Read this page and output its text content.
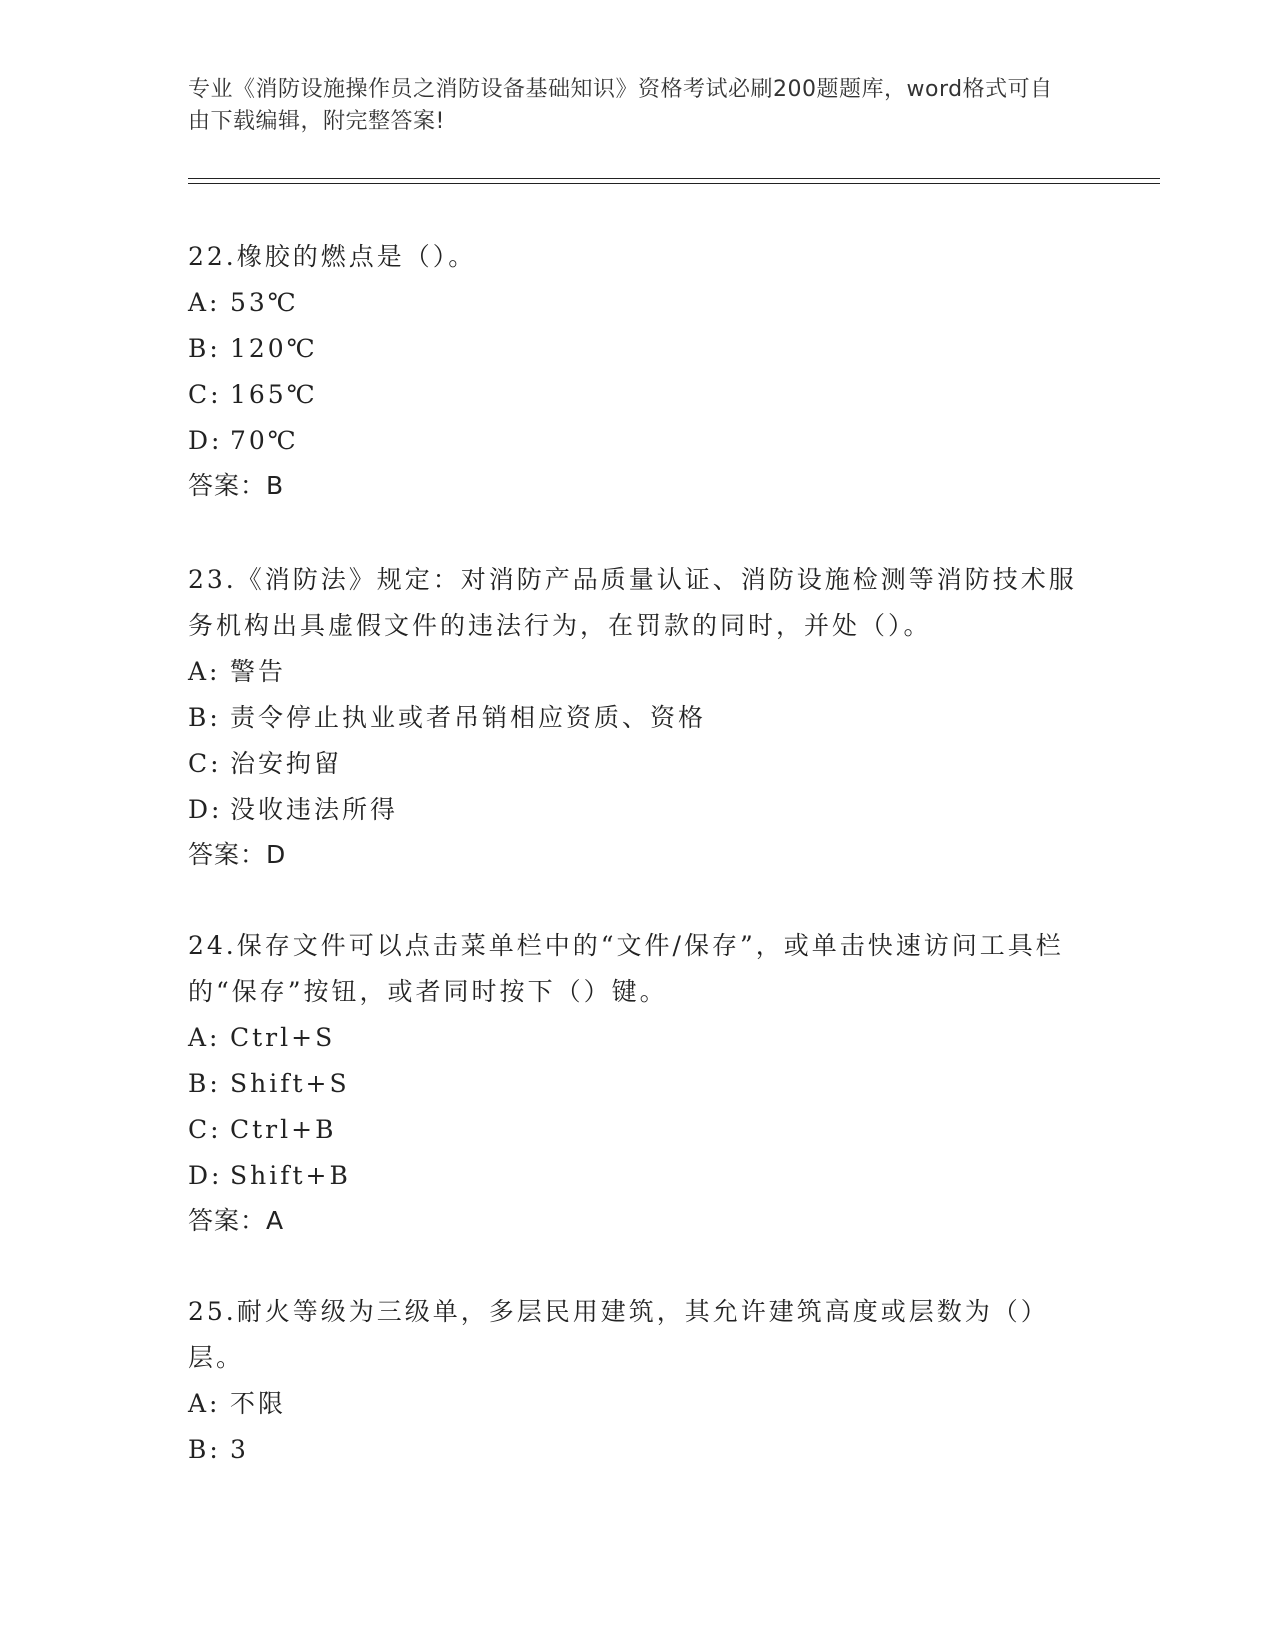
专业《消防设施操作员之消防设备基础知识》资格考试必刷200题题库，word格式可自由下载编辑，附完整答案!

22.橡胶的燃点是（）。

A: 53℃

B: 120℃

C: 165℃

D: 70℃

答案：B

23.《消防法》规定：对消防产品质量认证、消防设施检测等消防技术服务机构出具虚假文件的违法行为，在罚款的同时，并处（）。

A: 警告

B: 责令停止执业或者吊销相应资质、资格

C: 治安拘留

D: 没收违法所得

答案：D

24.保存文件可以点击菜单栏中的“文件/保存”，或单击快速访问工具栏的“保存”按钮，或者同时按下（）键。

A: Ctrl+S

B: Shift+S

C: Ctrl+B

D: Shift+B

答案：A

25.耐火等级为三级单，多层民用建筑，其允许建筑高度或层数为（）层。

A: 不限

B: 3
